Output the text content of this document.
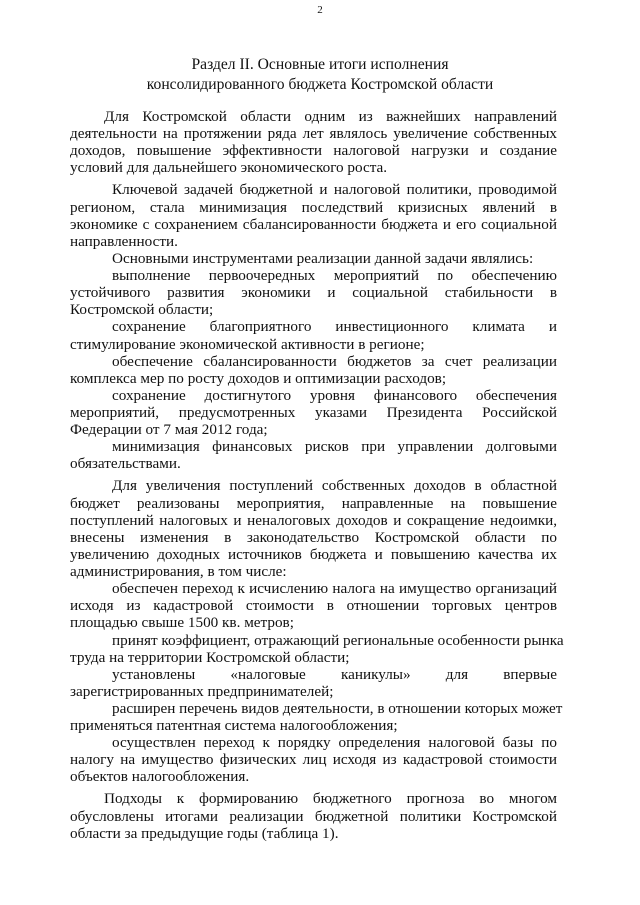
2
Раздел II. Основные итоги исполнения
консолидированного бюджета Костромской области
Для Костромской области одним из важнейших направлений
деятельности на протяжении ряда лет являлось увеличение собственных
доходов, повышение эффективности налоговой нагрузки и создание
условий для дальнейшего экономического роста.
Ключевой задачей бюджетной и налоговой политики, проводимой
регионом, стала минимизация последствий кризисных явлений в
экономике с сохранением сбалансированности бюджета и его социальной
направленности.
Основными инструментами реализации данной задачи являлись:
выполнение первоочередных мероприятий по обеспечению
устойчивого развития экономики и социальной стабильности в
Костромской области;
сохранение благоприятного инвестиционного климата и
стимулирование экономической активности в регионе;
обеспечение сбалансированности бюджетов за счет реализации
комплекса мер по росту доходов и оптимизации расходов;
сохранение достигнутого уровня финансового обеспечения
мероприятий, предусмотренных указами Президента Российской
Федерации от 7 мая 2012 года;
минимизация финансовых рисков при управлении долговыми
обязательствами.
Для увеличения поступлений собственных доходов в областной
бюджет реализованы мероприятия, направленные на повышение
поступлений налоговых и неналоговых доходов и сокращение недоимки,
внесены изменения в законодательство Костромской области по
увеличению доходных источников бюджета и повышению качества их
администрирования, в том числе:
обеспечен переход к исчислению налога на имущество организаций
исходя из кадастровой стоимости в отношении торговых центров
площадью свыше 1500 кв. метров;
принят коэффициент, отражающий региональные особенности рынка
труда на территории Костромской области;
установлены «налоговые каникулы» для впервые
зарегистрированных предпринимателей;
расширен перечень видов деятельности, в отношении которых может
применяться патентная система налогообложения;
осуществлен переход к порядку определения налоговой базы по
налогу на имущество физических лиц исходя из кадастровой стоимости
объектов налогообложения.
Подходы к формированию бюджетного прогноза во многом
обусловлены итогами реализации бюджетной политики Костромской
области за предыдущие годы (таблица 1).
